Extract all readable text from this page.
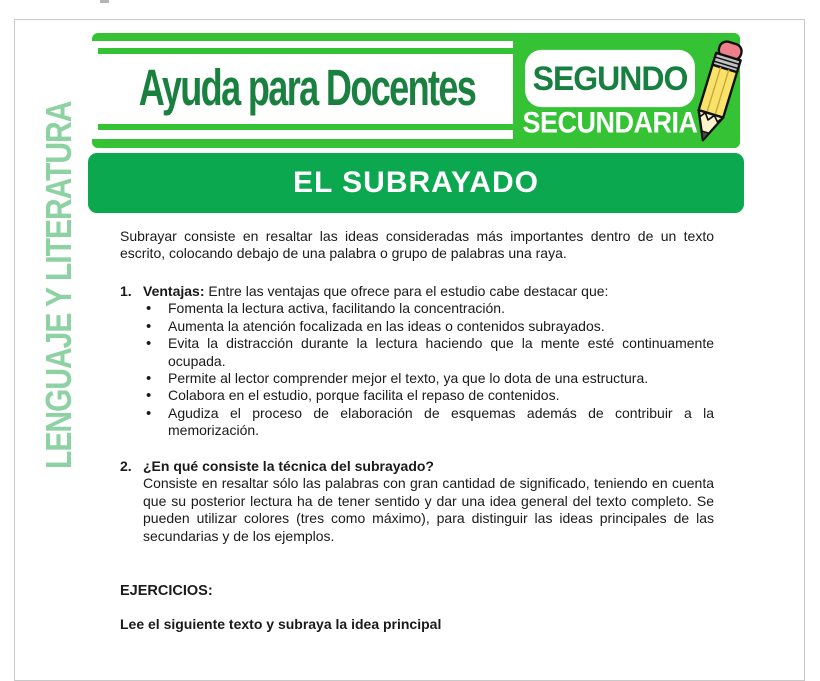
LENGUAJE Y LITERATURA
Ayuda para Docentes SEGUNDO
SECUNDARIA
EL SUBRAYADO
Subrayar consiste en resaltar las ideas consideradas más importantes dentro de un texto escrito, colocando debajo de una palabra o grupo de palabras una raya.
1. Ventajas: Entre las ventajas que ofrece para el estudio cabe destacar que:
• Fomenta la lectura activa, facilitando la concentración.
• Aumenta la atención focalizada en las ideas o contenidos subrayados.
• Evita la distracción durante la lectura haciendo que la mente esté continuamente ocupada.
• Permite al lector comprender mejor el texto, ya que lo dota de una estructura.
• Colabora en el estudio, porque facilita el repaso de contenidos.
• Agudiza el proceso de elaboración de esquemas además de contribuir a la memorización.
2. ¿En qué consiste la técnica del subrayado?
Consiste en resaltar sólo las palabras con gran cantidad de significado, teniendo en cuenta que su posterior lectura ha de tener sentido y dar una idea general del texto completo. Se pueden utilizar colores (tres como máximo), para distinguir las ideas principales de las secundarias y de los ejemplos.
EJERCICIOS:
Lee el siguiente texto y subraya la idea principal
